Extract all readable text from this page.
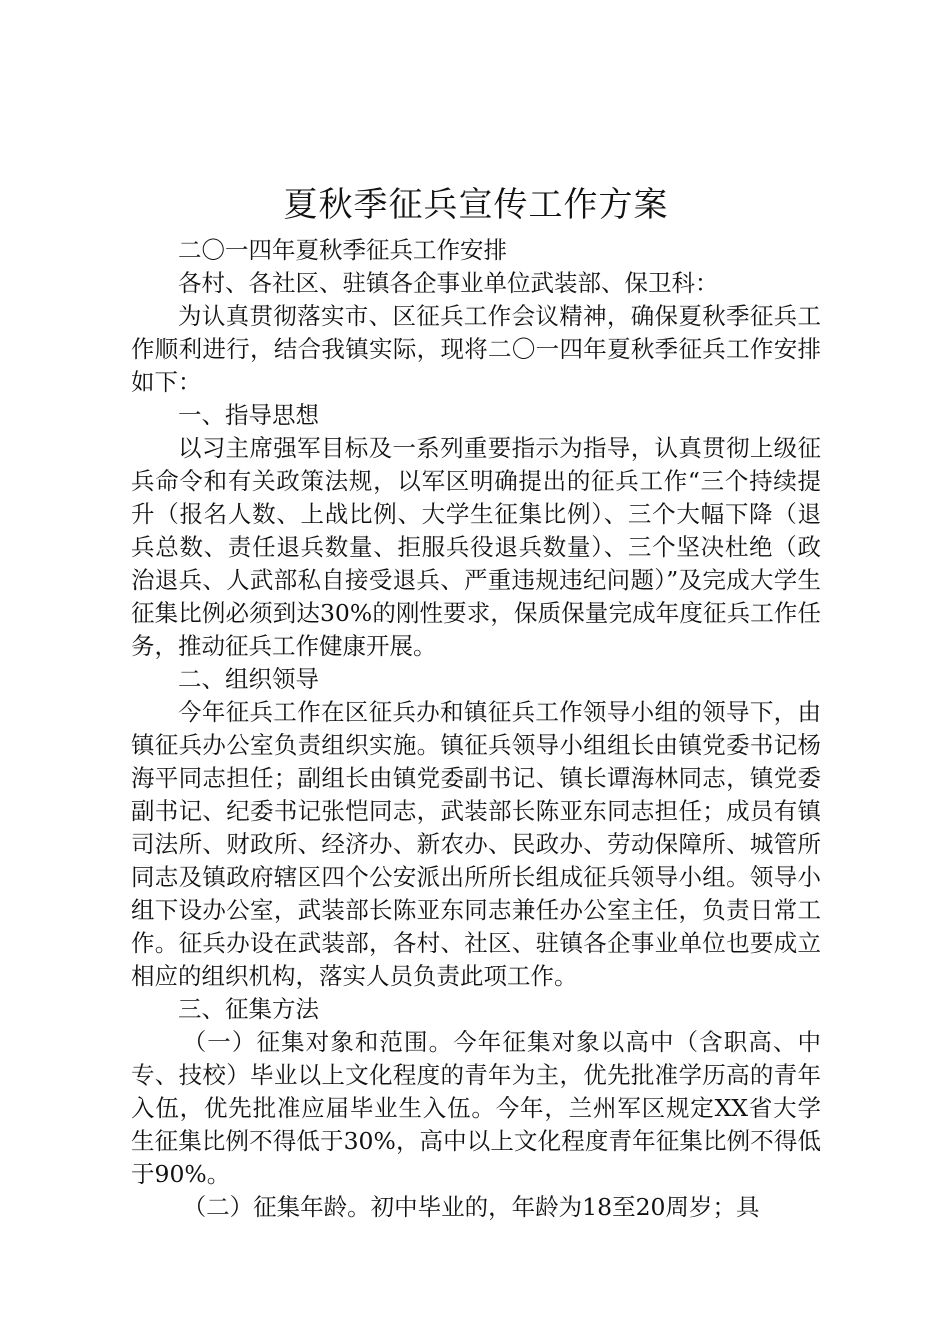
夏秋季征兵宣传工作方案

二〇一四年夏秋季征兵工作安排

各村、各社区、驻镇各企事业单位武装部、保卫科：

为认真贯彻落实市、区征兵工作会议精神，确保夏秋季征兵工作顺利进行，结合我镇实际，现将二〇一四年夏秋季征兵工作安排如下：

一、指导思想

以习主席强军目标及一系列重要指示为指导，认真贯彻上级征兵命令和有关政策法规，以军区明确提出的征兵工作“三个持续提升（报名人数、上战比例、大学生征集比例）、三个大幅下降（退兵总数、责任退兵数量、拒服兵役退兵数量）、三个坚决杜绝（政治退兵、人武部私自接受退兵、严重违规违纪问题）”及完成大学生征集比例必须到达30%的刚性要求，保质保量完成年度征兵工作任务，推动征兵工作健康开展。

二、组织领导

今年征兵工作在区征兵办和镇征兵工作领导小组的领导下，由镇征兵办公室负责组织实施。镇征兵领导小组组长由镇党委书记杨海平同志担任；副组长由镇党委副书记、镇长谭海林同志，镇党委副书记、纪委书记张恺同志，武装部长陈亚东同志担任；成员有镇司法所、财政所、经济办、新农办、民政办、劳动保障所、城管所同志及镇政府辖区四个公安派出所所长组成征兵领导小组。领导小组下设办公室，武装部长陈亚东同志兼任办公室主任，负责日常工作。征兵办设在武装部，各村、社区、驻镇各企事业单位也要成立相应的组织机构，落实人员负责此项工作。

三、征集方法

（一）征集对象和范围。今年征集对象以高中（含职高、中专、技校）毕业以上文化程度的青年为主，优先批准学历高的青年入伍，优先批准应届毕业生入伍。今年，兰州军区规定XX省大学生征集比例不得低于30%，高中以上文化程度青年征集比例不得低于90%。

（二）征集年龄。初中毕业的，年龄为18至20周岁；具
